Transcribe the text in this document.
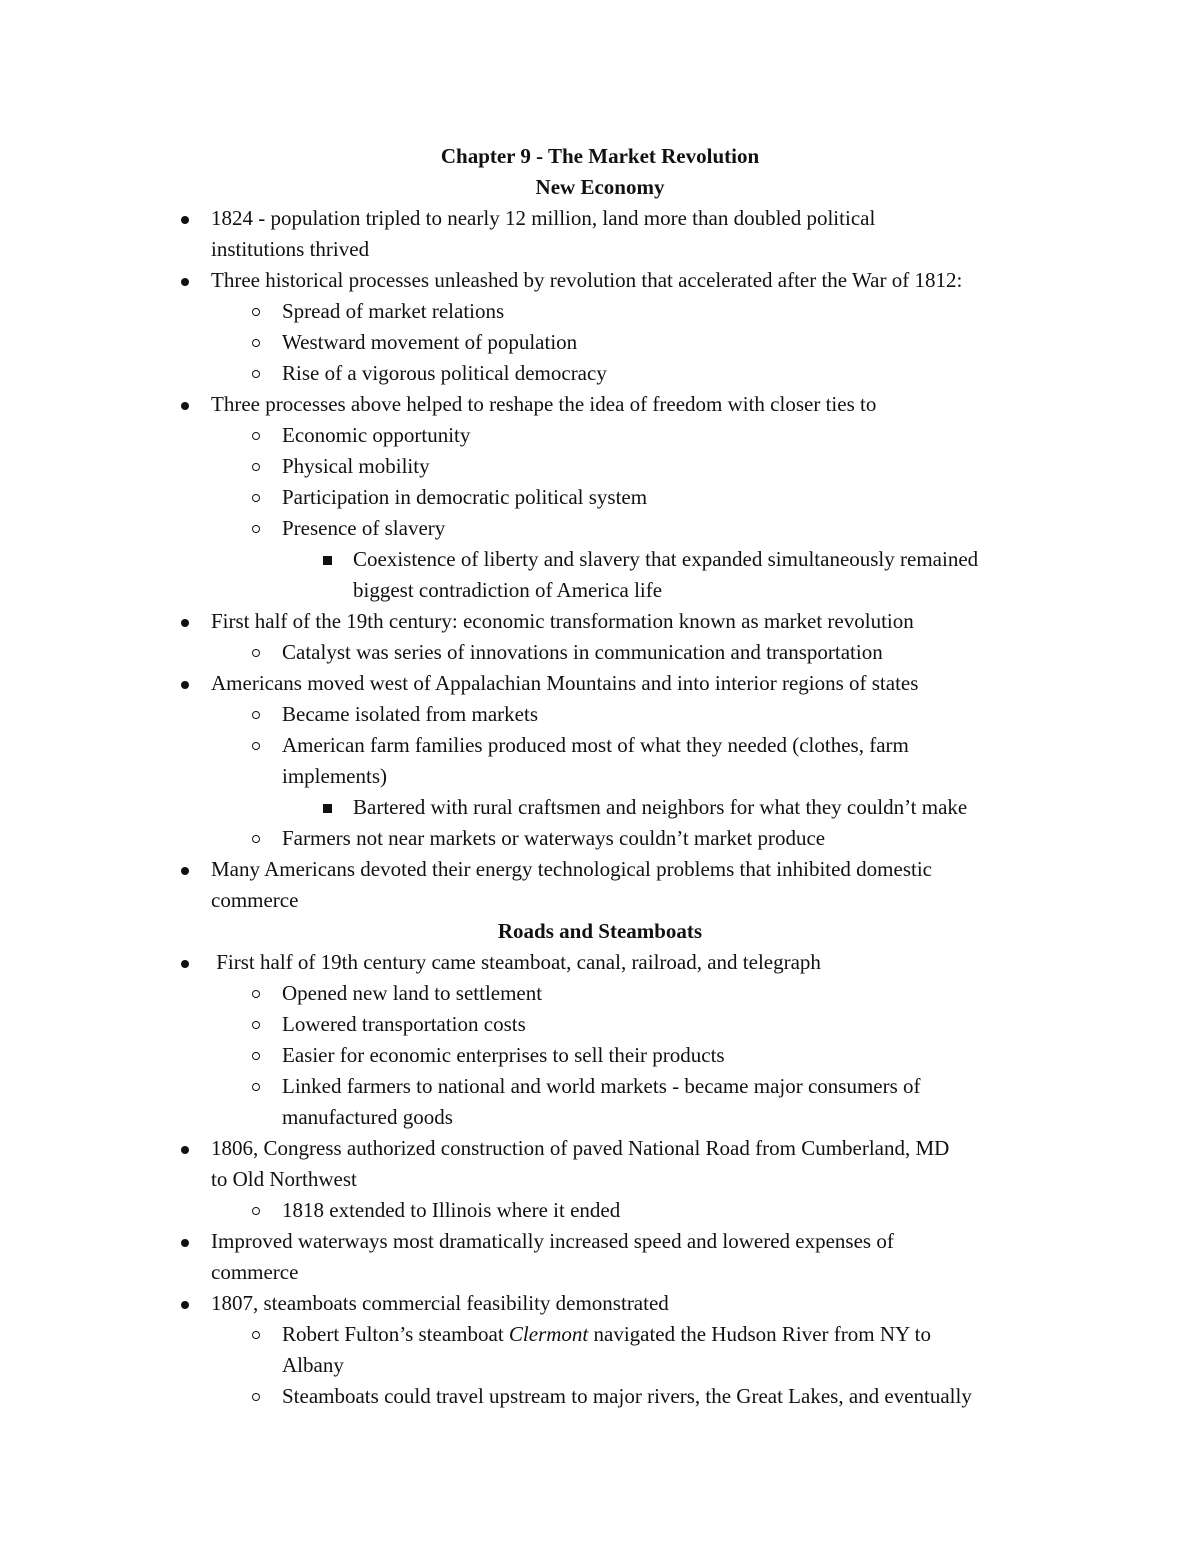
Chapter 9 - The Market Revolution
New Economy
1824 - population tripled to nearly 12 million, land more than doubled political
institutions thrived
Three historical processes unleashed by revolution that accelerated after the War of 1812:
Spread of market relations
Westward movement of population
Rise of a vigorous political democracy
Three processes above helped to reshape the idea of freedom with closer ties to
Economic opportunity
Physical mobility
Participation in democratic political system
Presence of slavery
Coexistence of liberty and slavery that expanded simultaneously remained
biggest contradiction of America life
First half of the 19th century: economic transformation known as market revolution
Catalyst was series of innovations in communication and transportation
Americans moved west of Appalachian Mountains and into interior regions of states
Became isolated from markets
American farm families produced most of what they needed (clothes, farm
implements)
Bartered with rural craftsmen and neighbors for what they couldn’t make
Farmers not near markets or waterways couldn’t market produce
Many Americans devoted their energy technological problems that inhibited domestic
commerce
Roads and Steamboats
First half of 19th century came steamboat, canal, railroad, and telegraph
Opened new land to settlement
Lowered transportation costs
Easier for economic enterprises to sell their products
Linked farmers to national and world markets - became major consumers of
manufactured goods
1806, Congress authorized construction of paved National Road from Cumberland, MD
to Old Northwest
1818 extended to Illinois where it ended
Improved waterways most dramatically increased speed and lowered expenses of
commerce
1807, steamboats commercial feasibility demonstrated
Robert Fulton’s steamboat Clermont navigated the Hudson River from NY to
Albany
Steamboats could travel upstream to major rivers, the Great Lakes, and eventually
